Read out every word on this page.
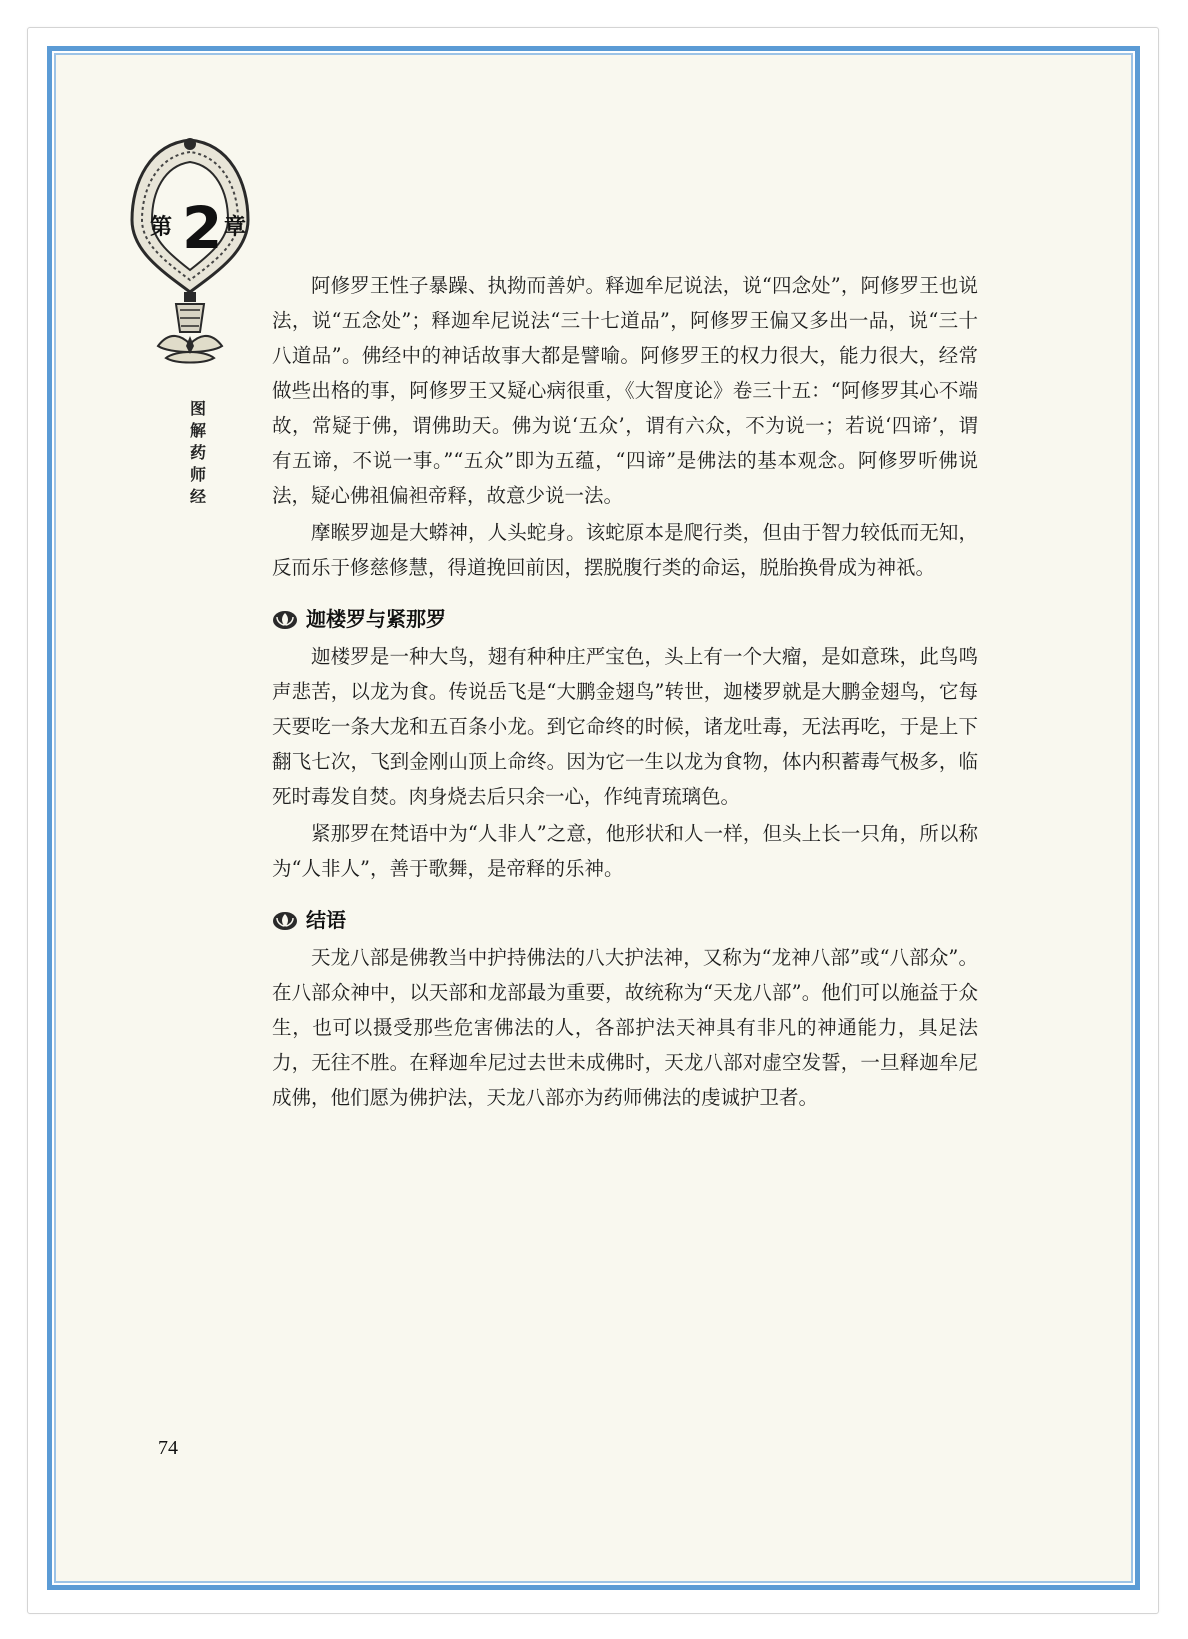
第 2 章
图解药师经

阿修罗王性子暴躁、执拗而善妒。释迦牟尼说法，说“四念处”，阿修罗王也说法，说“五念处”；释迦牟尼说法“三十七道品”，阿修罗王偏又多出一品，说“三十八道品”。佛经中的神话故事大都是譬喻。阿修罗王的权力很大，能力很大，经常做些出格的事，阿修罗王又疑心病很重，《大智度论》卷三十五：“阿修罗其心不端故，常疑于佛，谓佛助天。佛为说‘五众’，谓有六众，不为说一；若说‘四谛’，谓有五谛，不说一事。”“五众”即为五蕴，“四谛”是佛法的基本观念。阿修罗听佛说法，疑心佛祖偏袒帝释，故意少说一法。

摩睺罗迦是大蟒神，人头蛇身。该蛇原本是爬行类，但由于智力较低而无知，反而乐于修慈修慧，得道挽回前因，摆脱腹行类的命运，脱胎换骨成为神祇。

迦楼罗与紧那罗

迦楼罗是一种大鸟，翅有种种庄严宝色，头上有一个大瘤，是如意珠，此鸟鸣声悲苦，以龙为食。传说岳飞是“大鹏金翅鸟”转世，迦楼罗就是大鹏金翅鸟，它每天要吃一条大龙和五百条小龙。到它命终的时候，诸龙吐毒，无法再吃，于是上下翻飞七次，飞到金刚山顶上命终。因为它一生以龙为食物，体内积蓄毒气极多，临死时毒发自焚。肉身烧去后只余一心，作纯青琉璃色。

紧那罗在梵语中为“人非人”之意，他形状和人一样，但头上长一只角，所以称为“人非人”，善于歌舞，是帝释的乐神。

结语

天龙八部是佛教当中护持佛法的八大护法神，又称为“龙神八部”或“八部众”。在八部众神中，以天部和龙部最为重要，故统称为“天龙八部”。他们可以施益于众生，也可以摄受那些危害佛法的人，各部护法天神具有非凡的神通能力，具足法力，无往不胜。在释迦牟尼过去世未成佛时，天龙八部对虚空发誓，一旦释迦牟尼成佛，他们愿为佛护法，天龙八部亦为药师佛法的虔诚护卫者。

74
